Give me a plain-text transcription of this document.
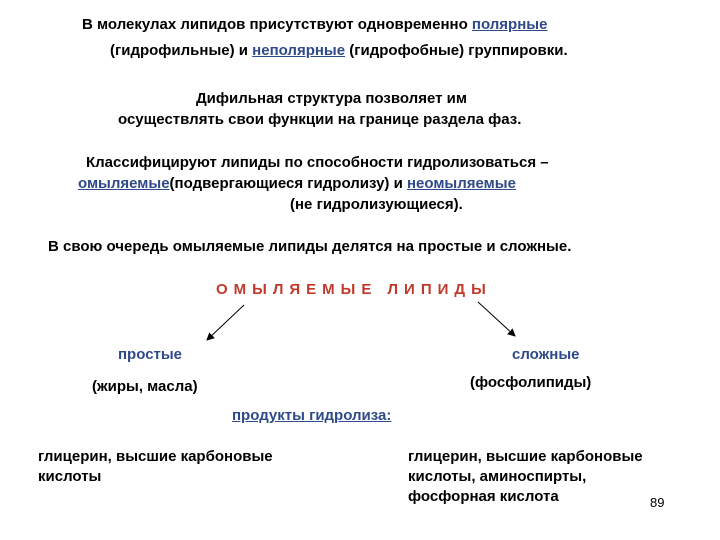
В молекулах липидов присутствуют одновременно полярные
(гидрофильные) и неполярные (гидрофобные) группировки.
Дифильная структура позволяет им
осуществлять свои функции на границе раздела фаз.
Классифицируют липиды по способности гидролизоваться –
омыляемые(подвергающиеся гидролизу) и неомыляемые
(не гидролизующиеся).
В свою очередь омыляемые липиды делятся на простые и сложные.
ОМЫЛЯЕМЫЕ ЛИПИДЫ
простые	сложные
(жиры, масла)	(фосфолипиды)
продукты гидролиза:
глицерин, высшие карбоновые
кислоты
глицерин, высшие карбоновые
кислоты, аминоспирты,
фосфорная кислота	89
